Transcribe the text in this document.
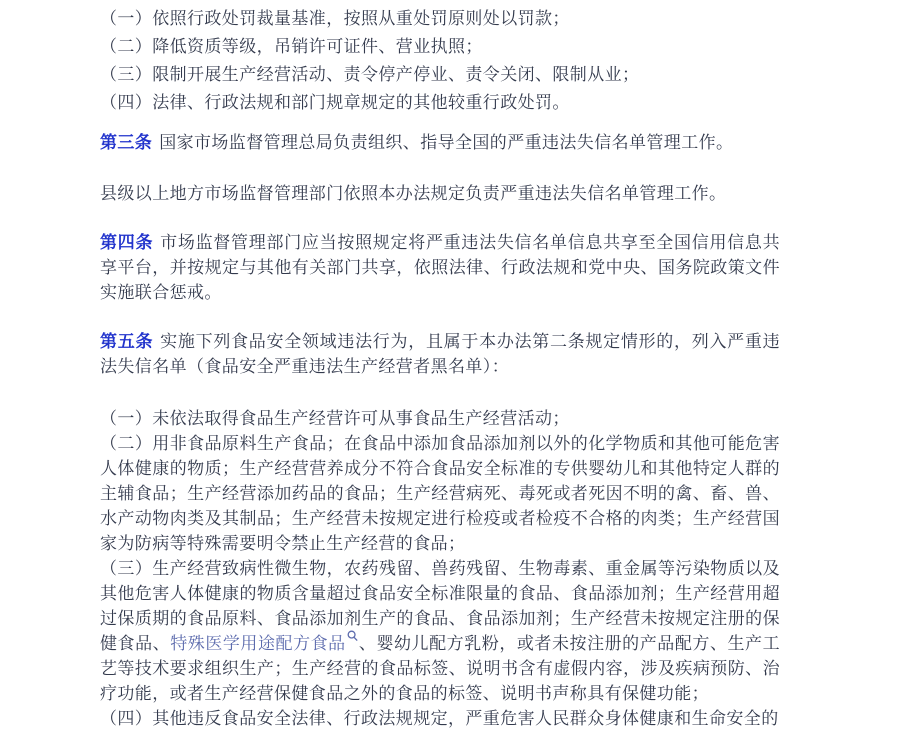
（一）依照行政处罚裁量基准，按照从重处罚原则处以罚款；

（二）降低资质等级，吊销许可证件、营业执照；

（三）限制开展生产经营活动、责令停产停业、责令关闭、限制从业；

（四）法律、行政法规和部门规章规定的其他较重行政处罚。

第三条 国家市场监督管理总局负责组织、指导全国的严重违法失信名单管理工作。

县级以上地方市场监督管理部门依照本办法规定负责严重违法失信名单管理工作。

第四条 市场监督管理部门应当按照规定将严重违法失信名单信息共享至全国信用信息共享平台，并按规定与其他有关部门共享，依照法律、行政法规和党中央、国务院政策文件实施联合惩戒。

第五条 实施下列食品安全领域违法行为，且属于本办法第二条规定情形的，列入严重违法失信名单（食品安全严重违法生产经营者黑名单）：

（一）未依法取得食品生产经营许可从事食品生产经营活动；

（二）用非食品原料生产食品；在食品中添加食品添加剂以外的化学物质和其他可能危害人体健康的物质；生产经营营养成分不符合食品安全标准的专供婴幼儿和其他特定人群的主辅食品；生产经营添加药品的食品；生产经营病死、毒死或者死因不明的禽、畜、兽、水产动物肉类及其制品；生产经营未按规定进行检疫或者检疫不合格的肉类；生产经营国家为防病等特殊需要明令禁止生产经营的食品；

（三）生产经营致病性微生物，农药残留、兽药残留、生物毒素、重金属等污染物质以及其他危害人体健康的物质含量超过食品安全标准限量的食品、食品添加剂；生产经营用超过保质期的食品原料、食品添加剂生产的食品、食品添加剂；生产经营未按规定注册的保健食品、特殊医学用途配方食品 、婴幼儿配方乳粉，或者未按注册的产品配方、生产工艺等技术要求组织生产；生产经营的食品标签、说明书含有虚假内容，涉及疾病预防、治疗功能，或者生产经营保健食品之外的食品的标签、说明书声称具有保健功能；

（四）其他违反食品安全法律、行政法规规定，严重危害人民群众身体健康和生命安全的
